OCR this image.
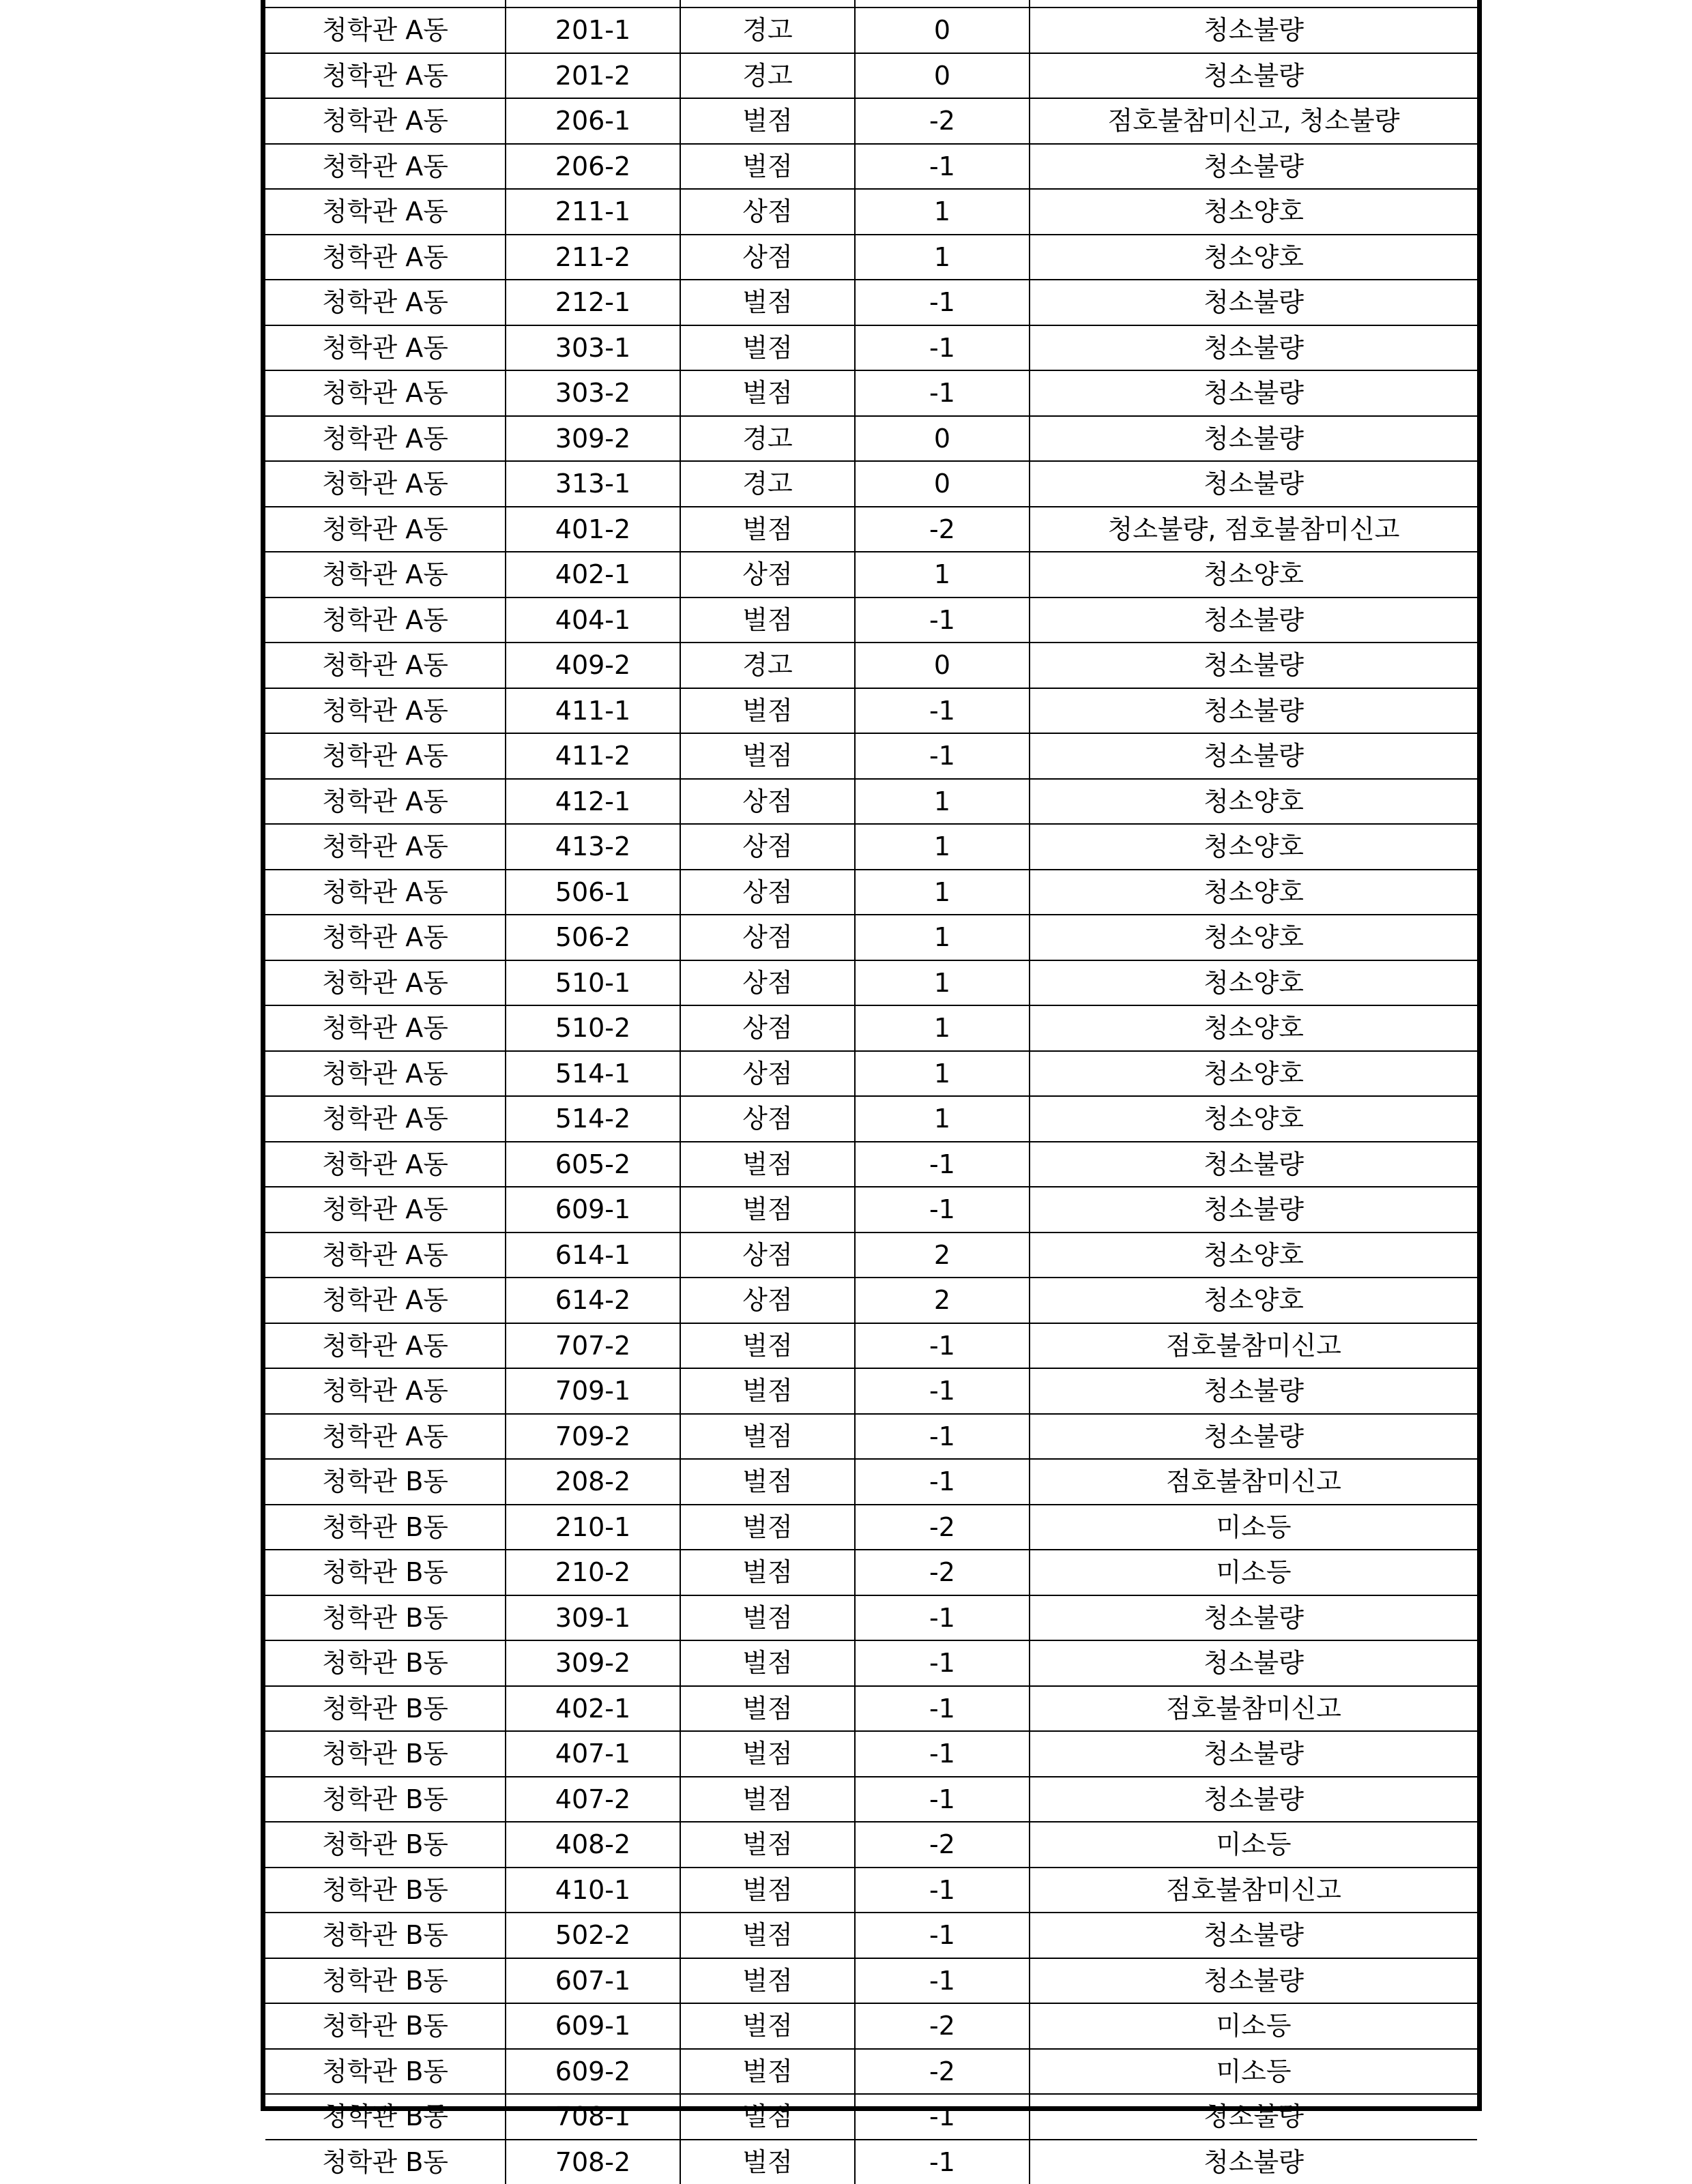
청학관 A동	201-1	경고	0	청소불량
청학관 A동	201-2	경고	0	청소불량
청학관 A동	206-1	벌점	-2	점호불참미신고, 청소불량
청학관 A동	206-2	벌점	-1	청소불량
청학관 A동	211-1	상점	1	청소양호
청학관 A동	211-2	상점	1	청소양호
청학관 A동	212-1	벌점	-1	청소불량
청학관 A동	303-1	벌점	-1	청소불량
청학관 A동	303-2	벌점	-1	청소불량
청학관 A동	309-2	경고	0	청소불량
청학관 A동	313-1	경고	0	청소불량
청학관 A동	401-2	벌점	-2	청소불량, 점호불참미신고
청학관 A동	402-1	상점	1	청소양호
청학관 A동	404-1	벌점	-1	청소불량
청학관 A동	409-2	경고	0	청소불량
청학관 A동	411-1	벌점	-1	청소불량
청학관 A동	411-2	벌점	-1	청소불량
청학관 A동	412-1	상점	1	청소양호
청학관 A동	413-2	상점	1	청소양호
청학관 A동	506-1	상점	1	청소양호
청학관 A동	506-2	상점	1	청소양호
청학관 A동	510-1	상점	1	청소양호
청학관 A동	510-2	상점	1	청소양호
청학관 A동	514-1	상점	1	청소양호
청학관 A동	514-2	상점	1	청소양호
청학관 A동	605-2	벌점	-1	청소불량
청학관 A동	609-1	벌점	-1	청소불량
청학관 A동	614-1	상점	2	청소양호
청학관 A동	614-2	상점	2	청소양호
청학관 A동	707-2	벌점	-1	점호불참미신고
청학관 A동	709-1	벌점	-1	청소불량
청학관 A동	709-2	벌점	-1	청소불량
청학관 B동	208-2	벌점	-1	점호불참미신고
청학관 B동	210-1	벌점	-2	미소등
청학관 B동	210-2	벌점	-2	미소등
청학관 B동	309-1	벌점	-1	청소불량
청학관 B동	309-2	벌점	-1	청소불량
청학관 B동	402-1	벌점	-1	점호불참미신고
청학관 B동	407-1	벌점	-1	청소불량
청학관 B동	407-2	벌점	-1	청소불량
청학관 B동	408-2	벌점	-2	미소등
청학관 B동	410-1	벌점	-1	점호불참미신고
청학관 B동	502-2	벌점	-1	청소불량
청학관 B동	607-1	벌점	-1	청소불량
청학관 B동	609-1	벌점	-2	미소등
청학관 B동	609-2	벌점	-2	미소등
청학관 B동	708-1	벌점	-1	청소불량
청학관 B동	708-2	벌점	-1	청소불량
